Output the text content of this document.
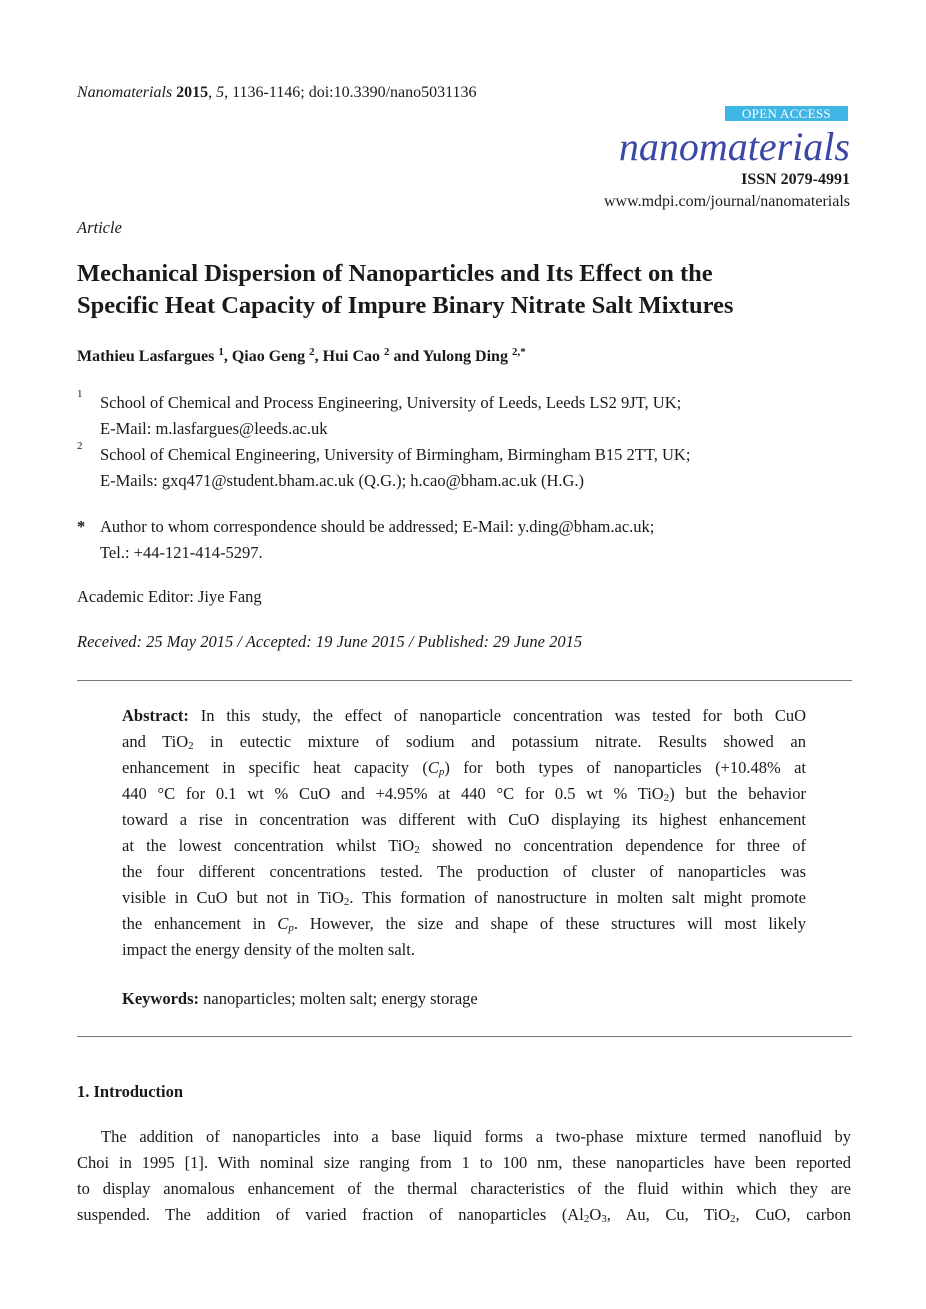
Nanomaterials 2015, 5, 1136-1146; doi:10.3390/nano5031136
OPEN ACCESS
nanomaterials
ISSN 2079-4991
www.mdpi.com/journal/nanomaterials
Article
Mechanical Dispersion of Nanoparticles and Its Effect on the
Specific Heat Capacity of Impure Binary Nitrate Salt Mixtures
Mathieu Lasfargues $^1$, Qiao Geng $^2$, Hui Cao $^2$ and Yulong Ding $^{2,*}$
1 School of Chemical and Process Engineering, University of Leeds, Leeds LS2 9JT, UK;
E-Mail: m.lasfargues@leeds.ac.uk
2 School of Chemical Engineering, University of Birmingham, Birmingham B15 2TT, UK;
E-Mails: gxq471@student.bham.ac.uk (Q.G.); h.cao@bham.ac.uk (H.G.)
* Author to whom correspondence should be addressed; E-Mail: y.ding@bham.ac.uk;
Tel.: +44-121-414-5297.
Academic Editor: Jiye Fang
Received: 25 May 2015 / Accepted: 19 June 2015 / Published: 29 June 2015
Abstract: In this study, the effect of nanoparticle concentration was tested for both CuO
and TiO$_2$ in eutectic mixture of sodium and potassium nitrate. Results showed an
enhancement in specific heat capacity $(C_p)$ for both types of nanoparticles (+10.48% at
440 °C for 0.1 wt % CuO and +4.95% at 440 °C for 0.5 wt % TiO$_2$) but the behavior
toward a rise in concentration was different with CuO displaying its highest enhancement
at the lowest concentration whilst TiO$_2$ showed no concentration dependence for three of
the four different concentrations tested. The production of cluster of nanoparticles was
visible in CuO but not in TiO$_2$. This formation of nanostructure in molten salt might promote
the enhancement in $C_p$. However, the size and shape of these structures will most likely
impact the energy density of the molten salt.
Keywords: nanoparticles; molten salt; energy storage
1. Introduction
The addition of nanoparticles into a base liquid forms a two-phase mixture termed nanofluid by
Choi in 1995 [1]. With nominal size ranging from 1 to 100 nm, these nanoparticles have been reported
to display anomalous enhancement of the thermal characteristics of the fluid within which they are
suspended. The addition of varied fraction of nanoparticles ($Al_2O_3$, Au, Cu, TiO$_2$, CuO, carbon
